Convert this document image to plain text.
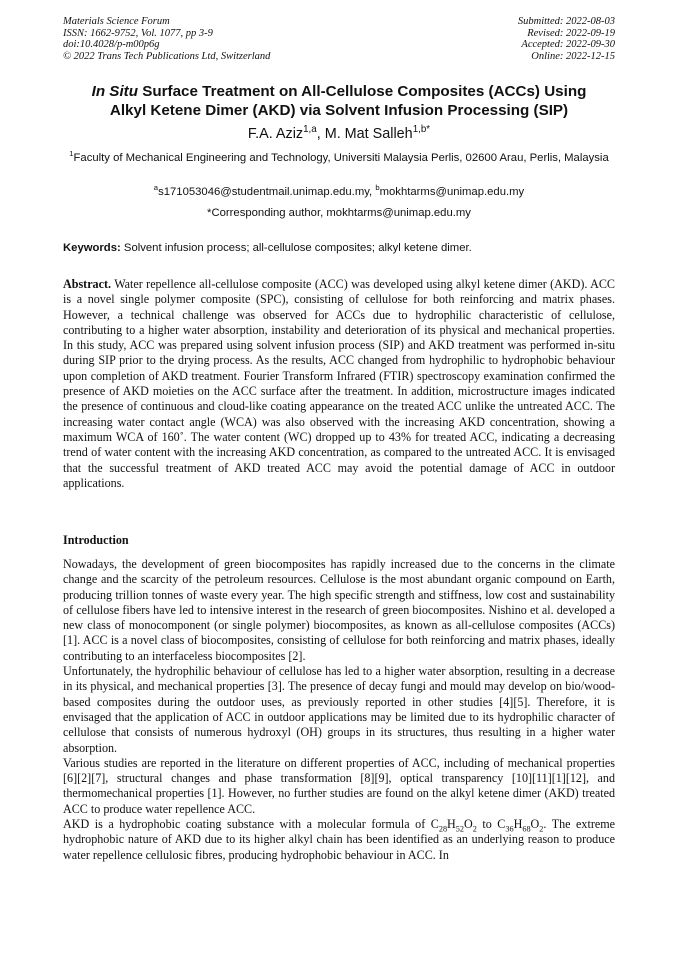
Materials Science Forum
ISSN: 1662-9752, Vol. 1077, pp 3-9
doi:10.4028/p-m00p6g
© 2022 Trans Tech Publications Ltd, Switzerland
Submitted: 2022-08-03
Revised: 2022-09-19
Accepted: 2022-09-30
Online: 2022-12-15
In Situ Surface Treatment on All-Cellulose Composites (ACCs) Using
Alkyl Ketene Dimer (AKD) via Solvent Infusion Processing (SIP)
F.A. Aziz$^{1,a}$, M. Mat Salleh$^{1,b*}$
$^1$Faculty of Mechanical Engineering and Technology, Universiti Malaysia Perlis, 02600 Arau, Perlis, Malaysia
$^a$s171053046@studentmail.unimap.edu.my, $^b$mokhtarms@unimap.edu.my
*Corresponding author, mokhtarms@unimap.edu.my
Keywords: Solvent infusion process; all-cellulose composites; alkyl ketene dimer.
Abstract. Water repellence all-cellulose composite (ACC) was developed using alkyl ketene dimer (AKD). ACC is a novel single polymer composite (SPC), consisting of cellulose for both reinforcing and matrix phases. However, a technical challenge was observed for ACCs due to hydrophilic characteristic of cellulose, contributing to a higher water absorption, instability and deterioration of its physical and mechanical properties. In this study, ACC was prepared using solvent infusion process (SIP) and AKD treatment was performed in-situ during SIP prior to the drying process. As the results, ACC changed from hydrophilic to hydrophobic behaviour upon completion of AKD treatment. Fourier Transform Infrared (FTIR) spectroscopy examination confirmed the presence of AKD moieties on the ACC surface after the treatment. In addition, microstructure images indicated the presence of continuous and cloud-like coating appearance on the treated ACC unlike the untreated ACC. The increasing water contact angle (WCA) was also observed with the increasing AKD concentration, showing a maximum WCA of 160˚. The water content (WC) dropped up to 43% for treated ACC, indicating a decreasing trend of water content with the increasing AKD concentration, as compared to the untreated ACC. It is envisaged that the successful treatment of AKD treated ACC may avoid the potential damage of ACC in outdoor applications.
Introduction

Nowadays, the development of green biocomposites has rapidly increased due to the concerns in the climate change and the scarcity of the petroleum resources. Cellulose is the most abundant organic compound on Earth, producing trillion tonnes of waste every year. The high specific strength and stiffness, low cost and sustainability of cellulose fibers have led to intensive interest in the research of green biocomposites. Nishino et al. developed a new class of monocomponent (or single polymer) biocomposites, as known as all-cellulose composites (ACCs) [1]. ACC is a novel class of biocomposites, consisting of cellulose for both reinforcing and matrix phases, ideally contributing to an interfaceless biocomposites [2].

Unfortunately, the hydrophilic behaviour of cellulose has led to a higher water absorption, resulting in a decrease in its physical, and mechanical properties [3]. The presence of decay fungi and mould may develop on bio/wood-based composites during the outdoor uses, as previously reported in other studies [4][5]. Therefore, it is envisaged that the application of ACC in outdoor applications may be limited due to its hydrophilic character of cellulose that consists of numerous hydroxyl (OH) groups in its structures, thus resulting in a higher water absorption.

Various studies are reported in the literature on different properties of ACC, including of mechanical properties [6][2][7], structural changes and phase transformation [8][9], optical transparency [10][11][1][12], and thermomechanical properties [1]. However, no further studies are found on the alkyl ketene dimer (AKD) treated ACC to produce water repellence ACC.

AKD is a hydrophobic coating substance with a molecular formula of $C_{28}H_{52}O_2$ to $C_{36}H_{68}O_2$. The extreme hydrophobic nature of AKD due to its higher alkyl chain has been identified as an underlying reason to produce water repellence cellulosic fibres, producing hydrophobic behaviour in ACC. In
